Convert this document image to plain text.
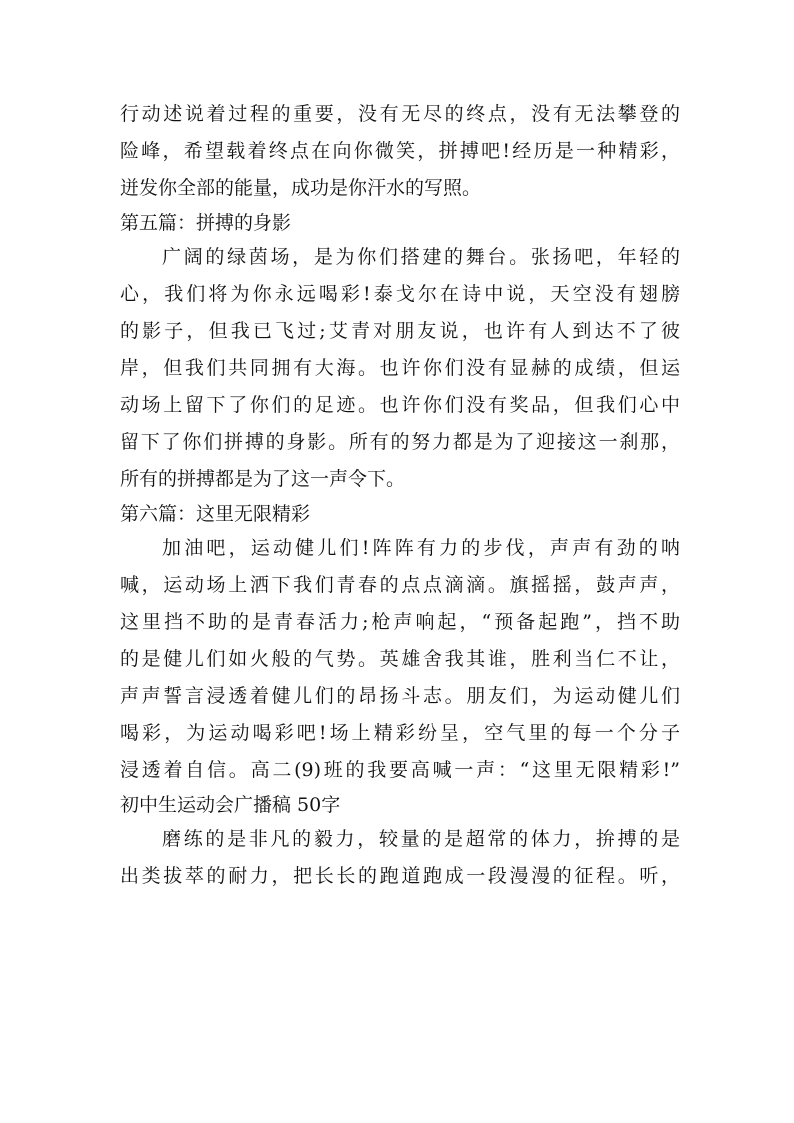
行动述说着过程的重要，没有无尽的终点，没有无法攀登的
险峰，希望载着终点在向你微笑，拼搏吧!经历是一种精彩，
迸发你全部的能量，成功是你汗水的写照。
第五篇：拼搏的身影
广阔的绿茵场，是为你们搭建的舞台。张扬吧，年轻的
心，我们将为你永远喝彩!泰戈尔在诗中说，天空没有翅膀
的影子，但我已飞过;艾青对朋友说，也许有人到达不了彼
岸，但我们共同拥有大海。也许你们没有显赫的成绩，但运
动场上留下了你们的足迹。也许你们没有奖品，但我们心中
留下了你们拼搏的身影。所有的努力都是为了迎接这一刹那，
所有的拼搏都是为了这一声令下。
第六篇：这里无限精彩
加油吧，运动健儿们!阵阵有力的步伐，声声有劲的呐
喊，运动场上洒下我们青春的点点滴滴。旗摇摇，鼓声声，
这里挡不助的是青春活力;枪声响起，“预备起跑”，挡不助
的是健儿们如火般的气势。英雄舍我其谁，胜利当仁不让，
声声誓言浸透着健儿们的昂扬斗志。朋友们，为运动健儿们
喝彩，为运动喝彩吧!场上精彩纷呈，空气里的每一个分子
浸透着自信。高二(9)班的我要高喊一声：“这里无限精彩!”
初中生运动会广播稿 50字
磨练的是非凡的毅力，较量的是超常的体力，拚搏的是
出类拔萃的耐力，把长长的跑道跑成一段漫漫的征程。听，
